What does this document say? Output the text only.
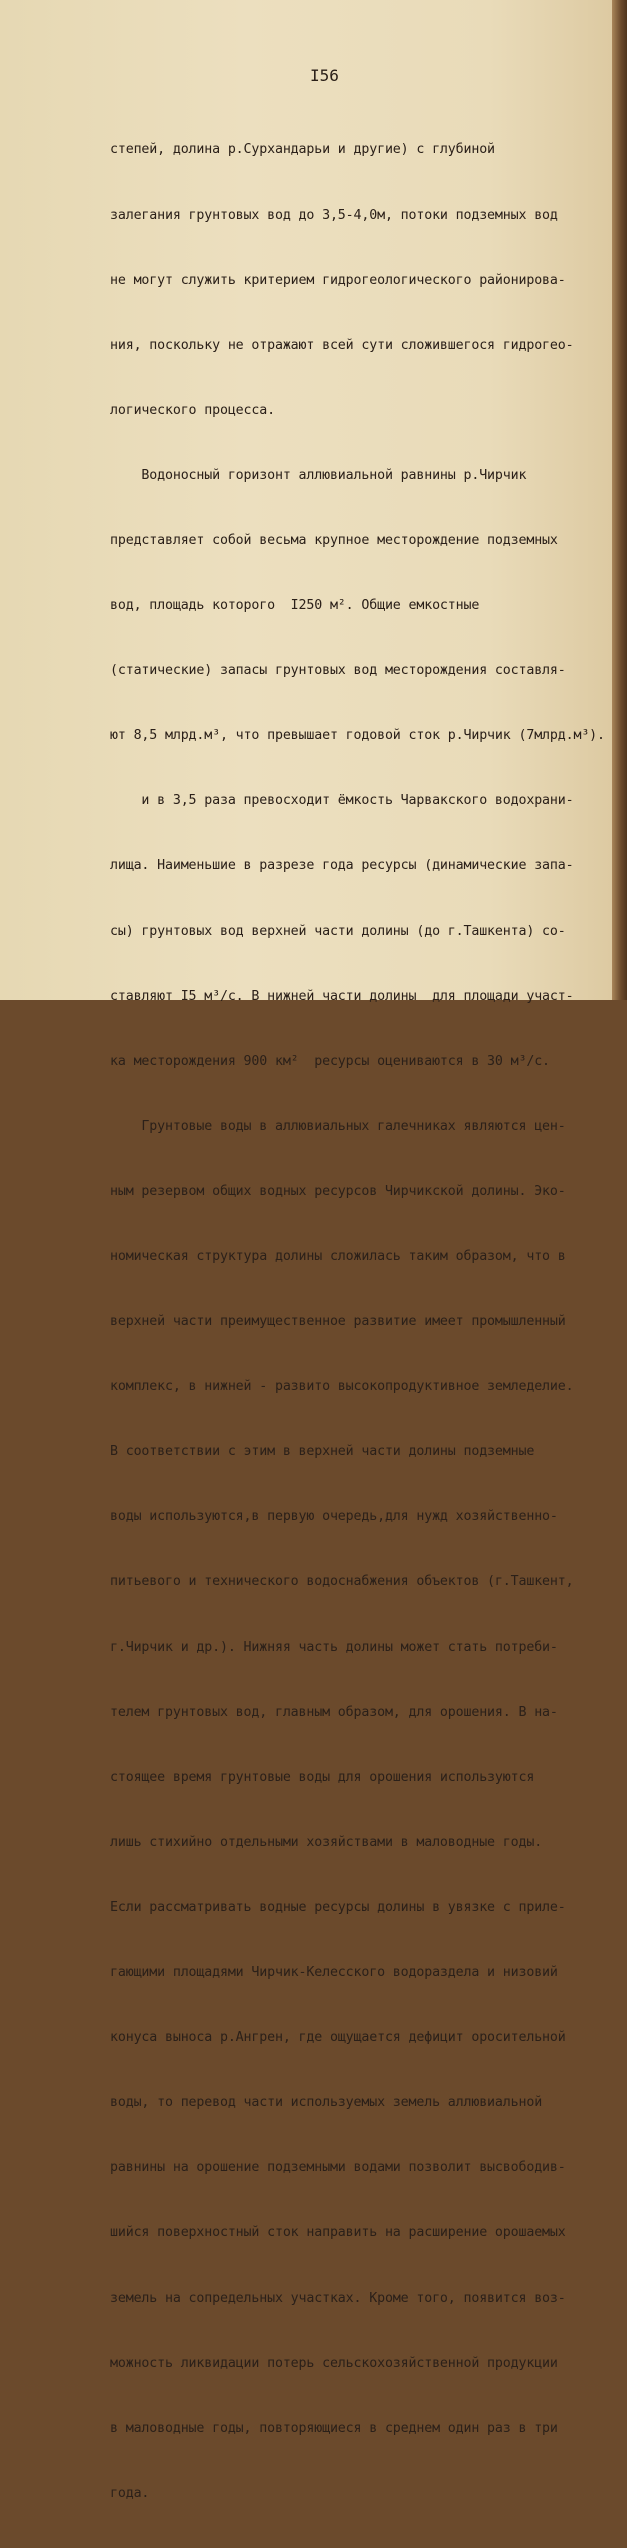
I56

степей, долина р.Сурхандарьи и другие) с глубиной

залегания грунтовых вод до 3,5-4,0м, потоки подземных вод

не могут служить критерием гидрогеологического районирова-

ния, поскольку не отражают всей сути сложившегося гидрогео-

логического процесса.

Водоносный горизонт аллювиальной равнины р.Чирчик

представляет собой весьма крупное месторождение подземных

вод, площадь которого  I250 м². Общие емкостные

(статические) запасы грунтовых вод месторождения составля-

ют 8,5 млрд.м³, что превышает годовой сток р.Чирчик (7млрд.м³).

и в 3,5 раза превосходит ёмкость Чарвакского водохрани-

лища. Наименьшие в разрезе года ресурсы (динамические запа-

сы) грунтовых вод верхней части долины (до г.Ташкента) со-

ставляют I5 м³/с. В нижней части долины  для площади участ-

ка месторождения 900 км²  ресурсы оцениваются в 30 м³/с.

Грунтовые воды в аллювиальных галечниках являются цен-

ным резервом общих водных ресурсов Чирчикской долины. Эко-

номическая структура долины сложилась таким образом, что в

верхней части преимущественное развитие имеет промышленный

комплекс, в нижней - развито высокопродуктивное земледелие.

В соответствии с этим в верхней части долины подземные

воды используются,в первую очередь,для нужд хозяйственно-

питьевого и технического водоснабжения объектов (г.Ташкент,

г.Чирчик и др.). Нижняя часть долины может стать потреби-

телем грунтовых вод, главным образом, для орошения. В на-

стоящее время грунтовые воды для орошения используются

лишь стихийно отдельными хозяйствами в маловодные годы.

Если рассматривать водные ресурсы долины в увязке с приле-

гающими площадями Чирчик-Келесского водораздела и низовий

конуса выноса р.Ангрен, где ощущается дефицит оросительной

воды, то перевод части используемых земель аллювиальной

равнины на орошение подземными водами позволит высвободив-

шийся поверхностный сток направить на расширение орошаемых

земель на сопредельных участках. Кроме того, появится воз-

можность ликвидации потерь сельскохозяйственной продукции

в маловодные годы, повторяющиеся в среднем один раз в три

года.
